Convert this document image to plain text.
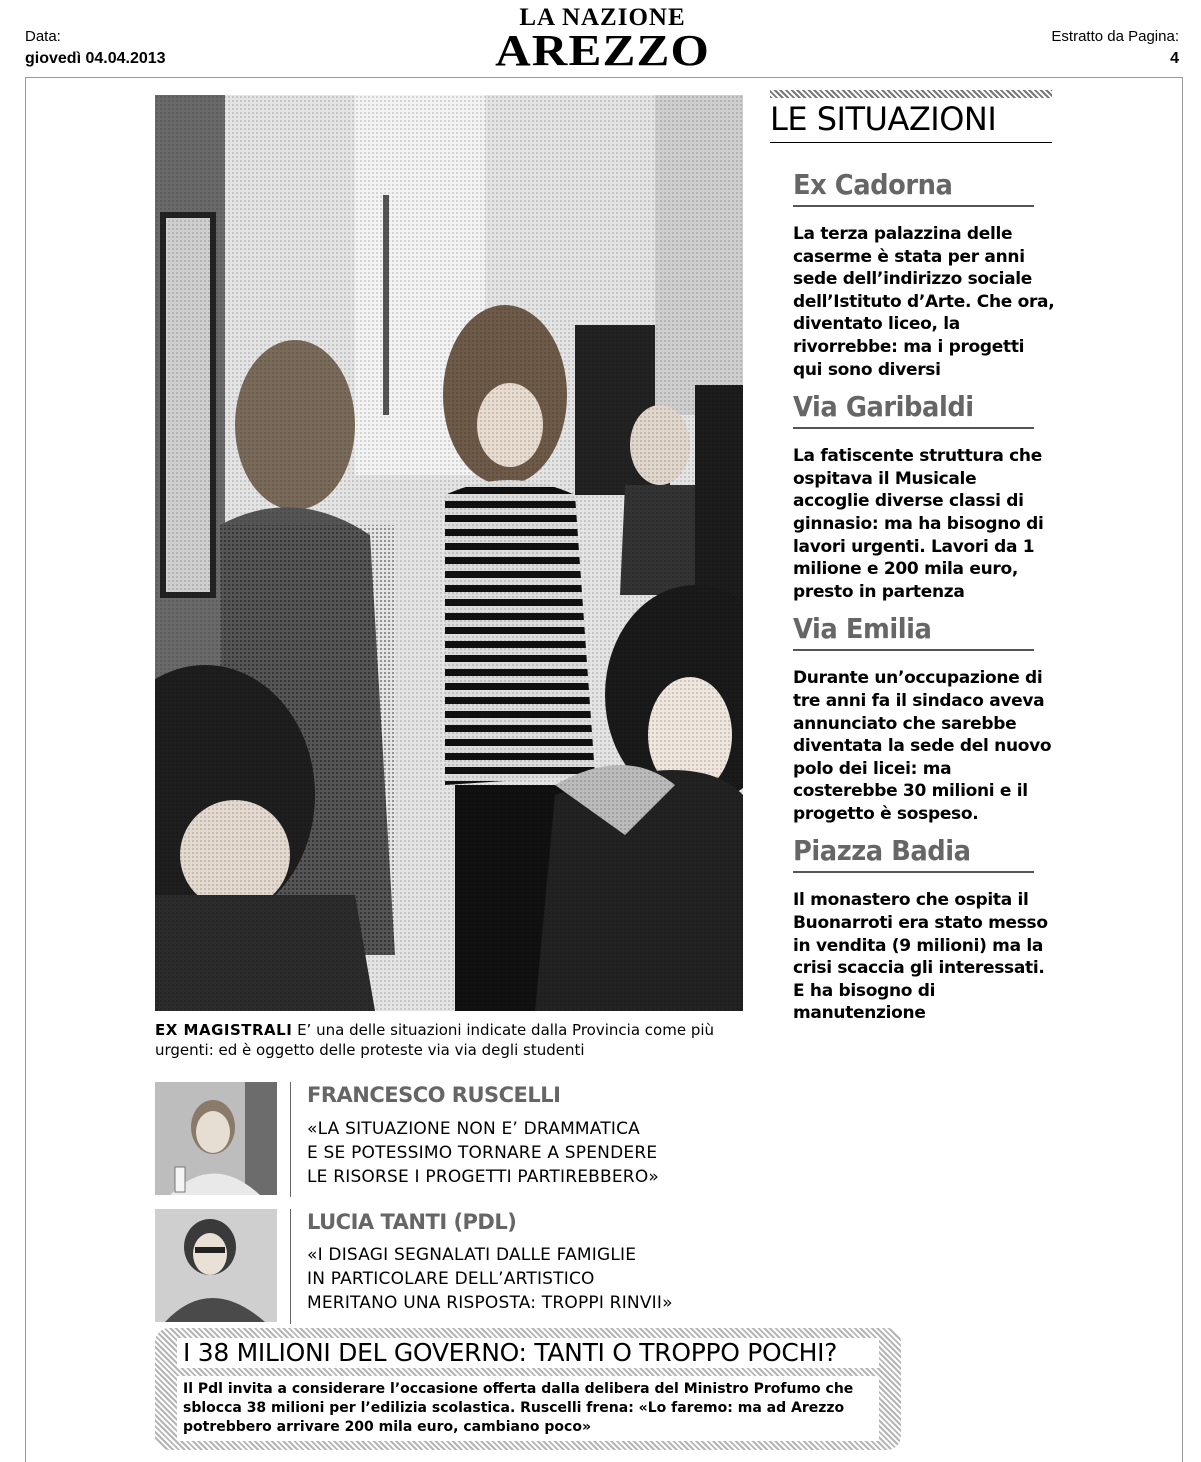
Data:
giovedì 04.04.2013
LA NAZIONE
AREZZO	Estratto da Pagina:
4
EX MAGISTRALI E’ una delle situazioni indicate dalla Provincia come più urgenti: ed è oggetto delle proteste via via degli studenti
LE SITUAZIONI
Ex Cadorna
La terza palazzina delle caserme è stata per anni sede dell’indirizzo sociale dell’Istituto d’Arte. Che ora, diventato liceo, la rivorrebbe: ma i progetti qui sono diversi
Via Garibaldi
La fatiscente struttura che ospitava il Musicale accoglie diverse classi di ginnasio: ma ha bisogno di lavori urgenti. Lavori da 1 milione e 200 mila euro, presto in partenza
Via Emilia
Durante un’occupazione di tre anni fa il sindaco aveva annunciato che sarebbe diventata la sede del nuovo polo dei licei: ma costerebbe 30 milioni e il progetto è sospeso.
Piazza Badia
Il monastero che ospita il Buonarroti era stato messo in vendita (9 milioni) ma la crisi scaccia gli interessati. E ha bisogno di manutenzione
FRANCESCO RUSCELLI
«LA SITUAZIONE NON E’ DRAMMATICA
E SE POTESSIMO TORNARE A SPENDERE
LE RISORSE I PROGETTI PARTIREBBERO»
LUCIA TANTI (PDL)
«I DISAGI SEGNALATI DALLE FAMIGLIE
IN PARTICOLARE DELL’ARTISTICO
MERITANO UNA RISPOSTA: TROPPI RINVII»
I 38 MILIONI DEL GOVERNO: TANTI O TROPPO POCHI?
Il Pdl invita a considerare l’occasione offerta dalla delibera del Ministro Profumo che sblocca 38 milioni per l’edilizia scolastica. Ruscelli frena: «Lo faremo: ma ad Arezzo potrebbero arrivare 200 mila euro, cambiano poco»
